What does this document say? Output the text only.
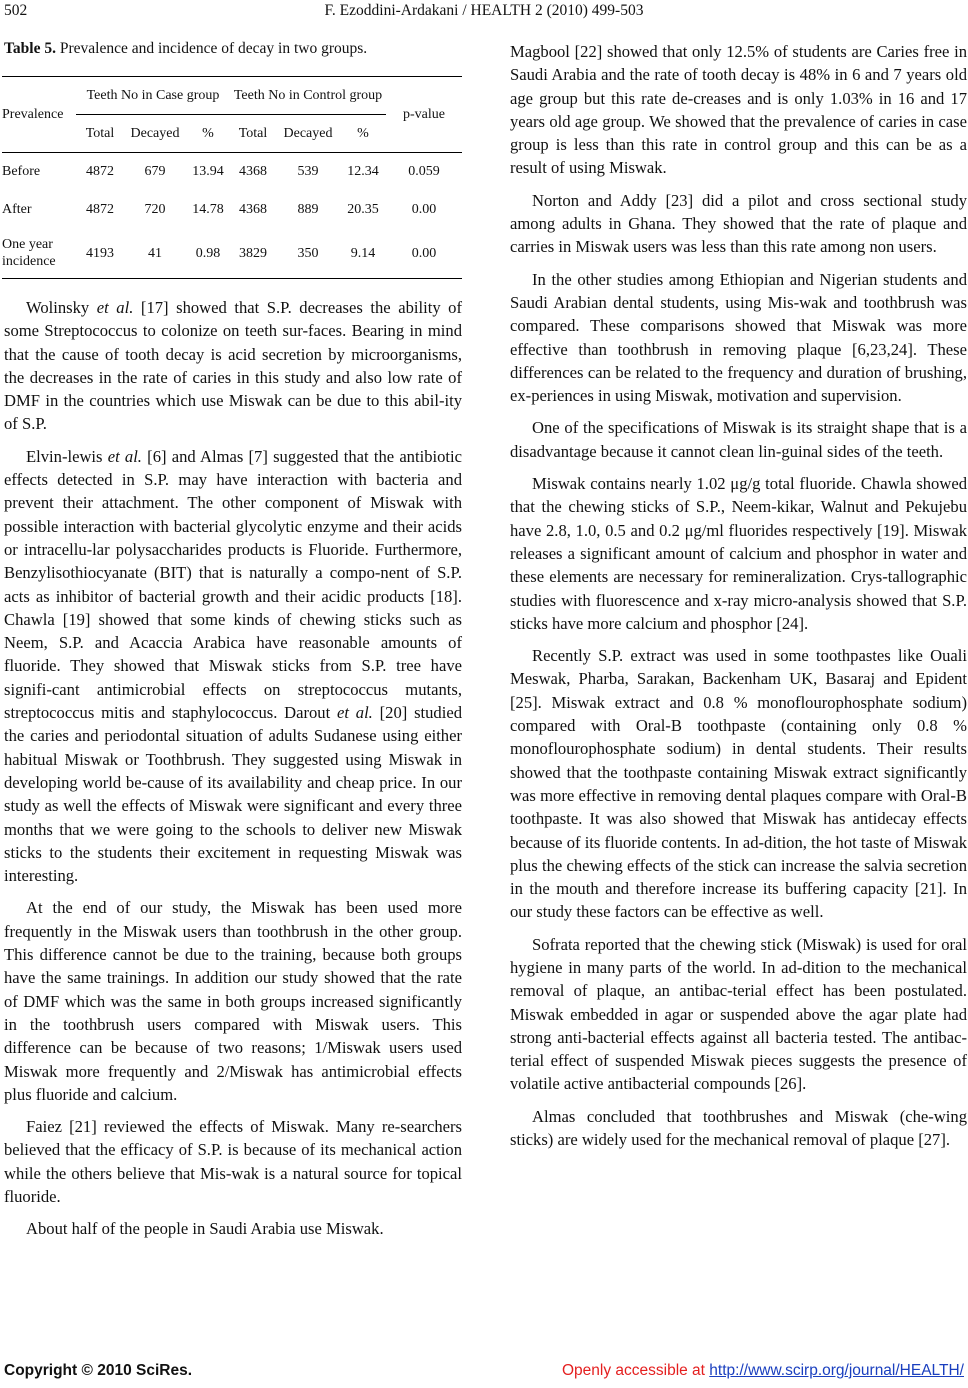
502	F. Ezoddini-Ardakani / HEALTH 2 (2010) 499-503
Table 5. Prevalence and incidence of decay in two groups.
Prevalence	Teeth No in Case group			Teeth No in Control group			p-value
	Total	Decayed	%	Total	Decayed	%	
Before	4872	679	13.94	4368	539	12.34	0.059
After	4872	720	14.78	4368	889	20.35	0.00
One year
incidence	4193	41	0.98	3829	350	9.14	0.00

Wolinsky et al. [17] showed that S.P. decreases the ability of some Streptococcus to colonize on teeth sur-faces. Bearing in mind that the cause of tooth decay is acid secretion by microorganisms, the decreases in the rate of caries in this study and also low rate of DMF in the countries which use Miswak can be due to this abil-ity of S.P.

Elvin-lewis et al. [6] and Almas [7] suggested that the antibiotic effects detected in S.P. may have interaction with bacteria and prevent their attachment. The other component of Miswak with possible interaction with bacterial glycolytic enzyme and their acids or intracellu-lar polysaccharides products is Fluoride. Furthermore, Benzylisothiocyanate (BIT) that is naturally a compo-nent of S.P. acts as inhibitor of bacterial growth and their acidic products [18]. Chawla [19] showed that some kinds of chewing sticks such as Neem, S.P. and Acaccia Arabica have reasonable amounts of fluoride. They showed that Miswak sticks from S.P. tree have signifi-cant antimicrobial effects on streptococcus mutants, streptococcus mitis and staphylococcus. Darout et al. [20] studied the caries and periodontal situation of adults Sudanese using either habitual Miswak or Toothbrush. They suggested using Miswak in developing world be-cause of its availability and cheap price. In our study as well the effects of Miswak were significant and every three months that we were going to the schools to deliver new Miswak sticks to the students their excitement in requesting Miswak was interesting.

At the end of our study, the Miswak has been used more frequently in the Miswak users than toothbrush in the other group. This difference cannot be due to the training, because both groups have the same trainings. In addition our study showed that the rate of DMF which was the same in both groups increased significantly in the toothbrush users compared with Miswak users. This difference can be because of two reasons; 1/Miswak users used Miswak more frequently and 2/Miswak has antimicrobial effects plus fluoride and calcium.

Faiez [21] reviewed the effects of Miswak. Many re-searchers believed that the efficacy of S.P. is because of its mechanical action while the others believe that Mis-wak is a natural source for topical fluoride.

About half of the people in Saudi Arabia use Miswak.

Magbool [22] showed that only 12.5% of students are Caries free in Saudi Arabia and the rate of tooth decay is 48% in 6 and 7 years old age group but this rate de-creases and is only 1.03% in 16 and 17 years old age group. We showed that the prevalence of caries in case group is less than this rate in control group and this can be as a result of using Miswak.

Norton and Addy [23] did a pilot and cross sectional study among adults in Ghana. They showed that the rate of plaque and carries in Miswak users was less than this rate among non users.

In the other studies among Ethiopian and Nigerian students and Saudi Arabian dental students, using Mis-wak and toothbrush was compared. These comparisons showed that Miswak was more effective than toothbrush in removing plaque [6,23,24]. These differences can be related to the frequency and duration of brushing, ex-periences in using Miswak, motivation and supervision.

One of the specifications of Miswak is its straight shape that is a disadvantage because it cannot clean lin-guinal sides of the teeth.

Miswak contains nearly 1.02 μg/g total fluoride. Chawla showed that the chewing sticks of S.P., Neem-kikar, Walnut and Pekujebu have 2.8, 1.0, 0.5 and 0.2 μg/ml fluorides respectively [19]. Miswak releases a significant amount of calcium and phosphor in water and these elements are necessary for remineralization. Crys-tallographic studies with fluorescence and x-ray micro-analysis showed that S.P. sticks have more calcium and phosphor [24].

Recently S.P. extract was used in some toothpastes like Ouali Meswak, Pharba, Sarakan, Backenham UK, Basaraj and Epident [25]. Miswak extract and 0.8 % monoflourophosphate sodium) compared with Oral-B toothpaste (containing only 0.8 % monoflourophosphate sodium) in dental students. Their results showed that the toothpaste containing Miswak extract significantly was more effective in removing dental plaques compare with Oral-B toothpaste. It was also showed that Miswak has antidecay effects because of its fluoride contents. In ad-dition, the hot taste of Miswak plus the chewing effects of the stick can increase the salvia secretion in the mouth and therefore increase its buffering capacity [21]. In our study these factors can be effective as well.

Sofrata reported that the chewing stick (Miswak) is used for oral hygiene in many parts of the world. In ad-dition to the mechanical removal of plaque, an antibac-terial effect has been postulated. Miswak embedded in agar or suspended above the agar plate had strong anti-bacterial effects against all bacteria tested. The antibac-terial effect of suspended Miswak pieces suggests the presence of volatile active antibacterial compounds [26].

Almas concluded that toothbrushes and Miswak (che-wing sticks) are widely used for the mechanical removal of plaque [27].

Copyright © 2010 SciRes.	Openly accessible at http://www.scirp.org/journal/HEALTH/
